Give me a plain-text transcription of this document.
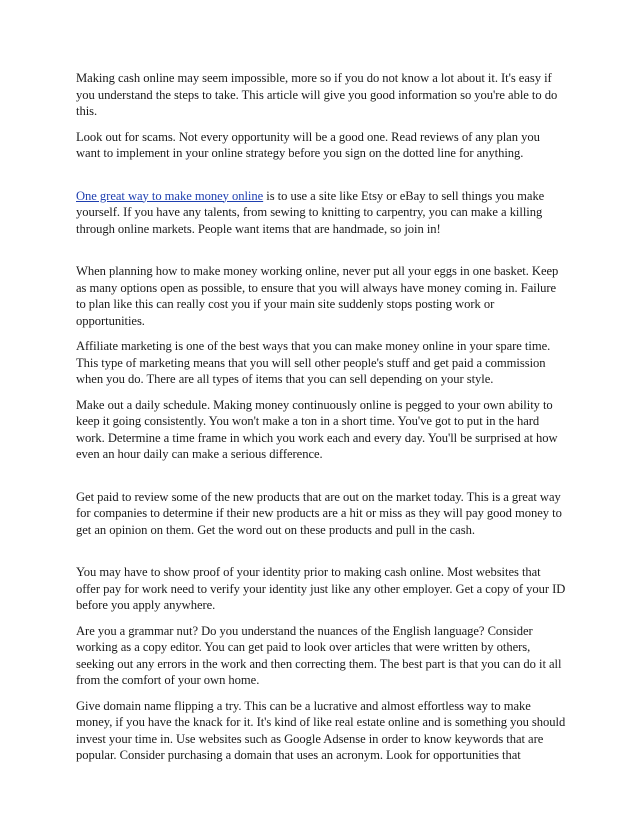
Making cash online may seem impossible, more so if you do not know a lot about it. It's easy if you understand the steps to take. This article will give you good information so you're able to do this.

Look out for scams. Not every opportunity will be a good one. Read reviews of any plan you want to implement in your online strategy before you sign on the dotted line for anything.

One great way to make money online is to use a site like Etsy or eBay to sell things you make yourself. If you have any talents, from sewing to knitting to carpentry, you can make a killing through online markets. People want items that are handmade, so join in!

When planning how to make money working online, never put all your eggs in one basket. Keep as many options open as possible, to ensure that you will always have money coming in. Failure to plan like this can really cost you if your main site suddenly stops posting work or opportunities.

Affiliate marketing is one of the best ways that you can make money online in your spare time. This type of marketing means that you will sell other people's stuff and get paid a commission when you do. There are all types of items that you can sell depending on your style.

Make out a daily schedule. Making money continuously online is pegged to your own ability to keep it going consistently. You won't make a ton in a short time. You've got to put in the hard work. Determine a time frame in which you work each and every day. You'll be surprised at how even an hour daily can make a serious difference.

Get paid to review some of the new products that are out on the market today. This is a great way for companies to determine if their new products are a hit or miss as they will pay good money to get an opinion on them. Get the word out on these products and pull in the cash.

You may have to show proof of your identity prior to making cash online. Most websites that offer pay for work need to verify your identity just like any other employer. Get a copy of your ID before you apply anywhere.

Are you a grammar nut? Do you understand the nuances of the English language? Consider working as a copy editor. You can get paid to look over articles that were written by others, seeking out any errors in the work and then correcting them. The best part is that you can do it all from the comfort of your own home.

Give domain name flipping a try. This can be a lucrative and almost effortless way to make money, if you have the knack for it. It's kind of like real estate online and is something you should invest your time in. Use websites such as Google Adsense in order to know keywords that are popular. Consider purchasing a domain that uses an acronym. Look for opportunities that
